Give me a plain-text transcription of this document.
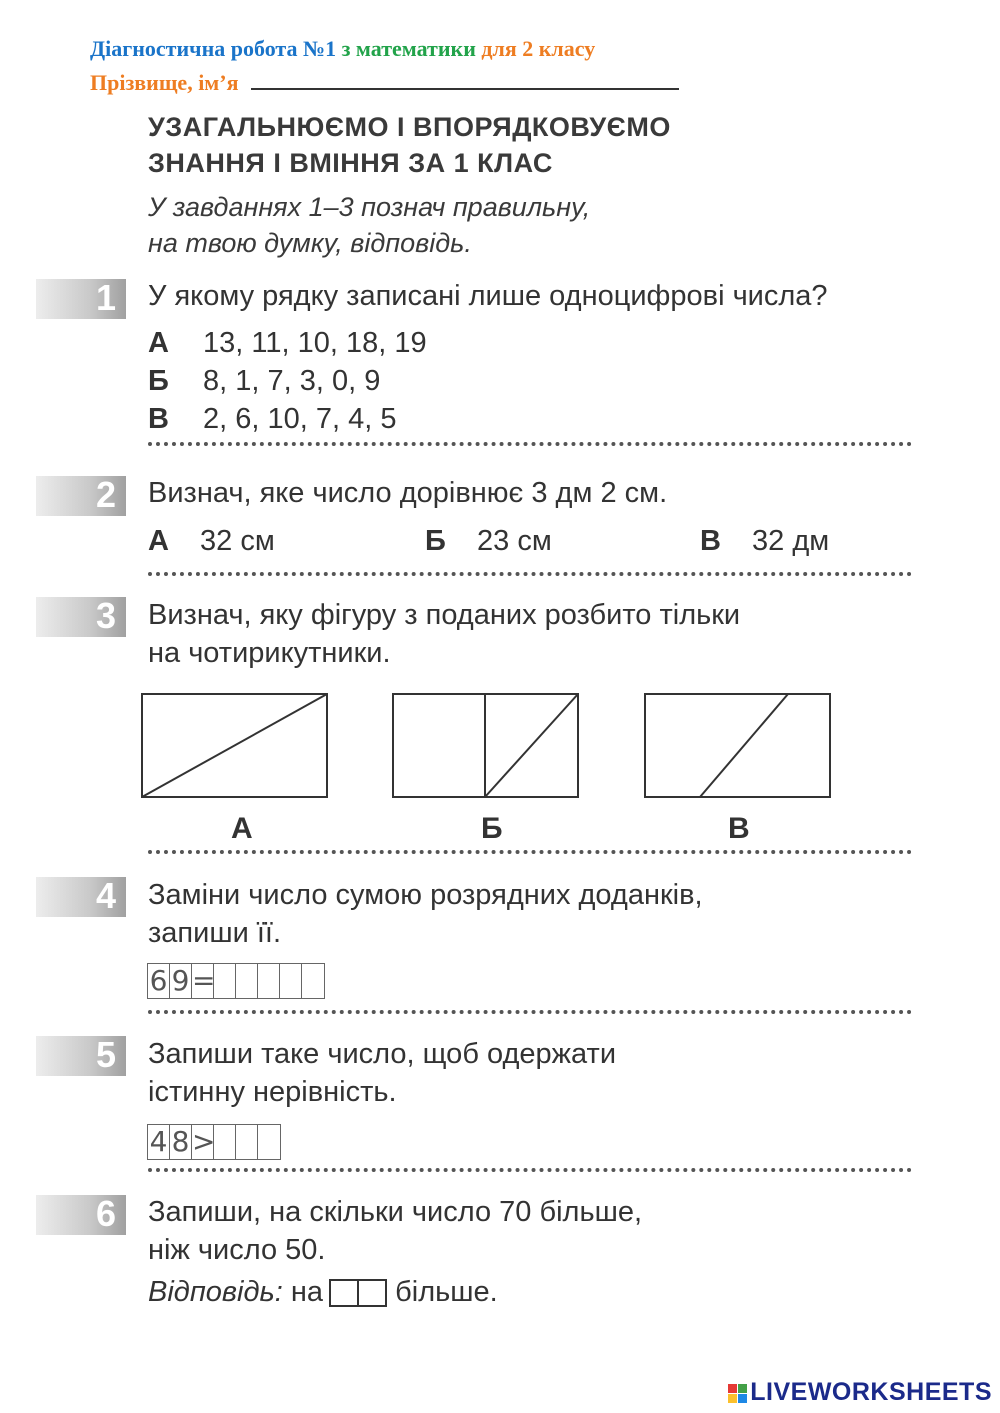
Діагностична робота №1 з математики для 2 класу
Прізвище, ім’я
УЗАГАЛЬНЮЄМО І ВПОРЯДКОВУЄМО
ЗНАННЯ І ВМІННЯ ЗА 1 КЛАС
У завданнях 1–3 познач правильну,
на твою думку, відповідь.
1 У якому рядку записані лише одноцифрові числа?
А 13, 11, 10, 18, 19
Б 8, 1, 7, 3, 0, 9
В 2, 6, 10, 7, 4, 5
2 Визнач, яке число дорівнює 3 дм 2 см.
А 32 см	Б 23 см	В 32 дм
3 Визнач, яку фігуру з поданих розбито тільки
на чотирикутники.
А	Б	В
4 Заміни число сумою розрядних доданків,
запиши її.
6 9 =
5 Запиши таке число, щоб одержати
істинну нерівність.
4 8 >
6 Запиши, на скільки число 70 більше,
ніж число 50.
Відповідь: на більше.
LIVEWORKSHEETS
